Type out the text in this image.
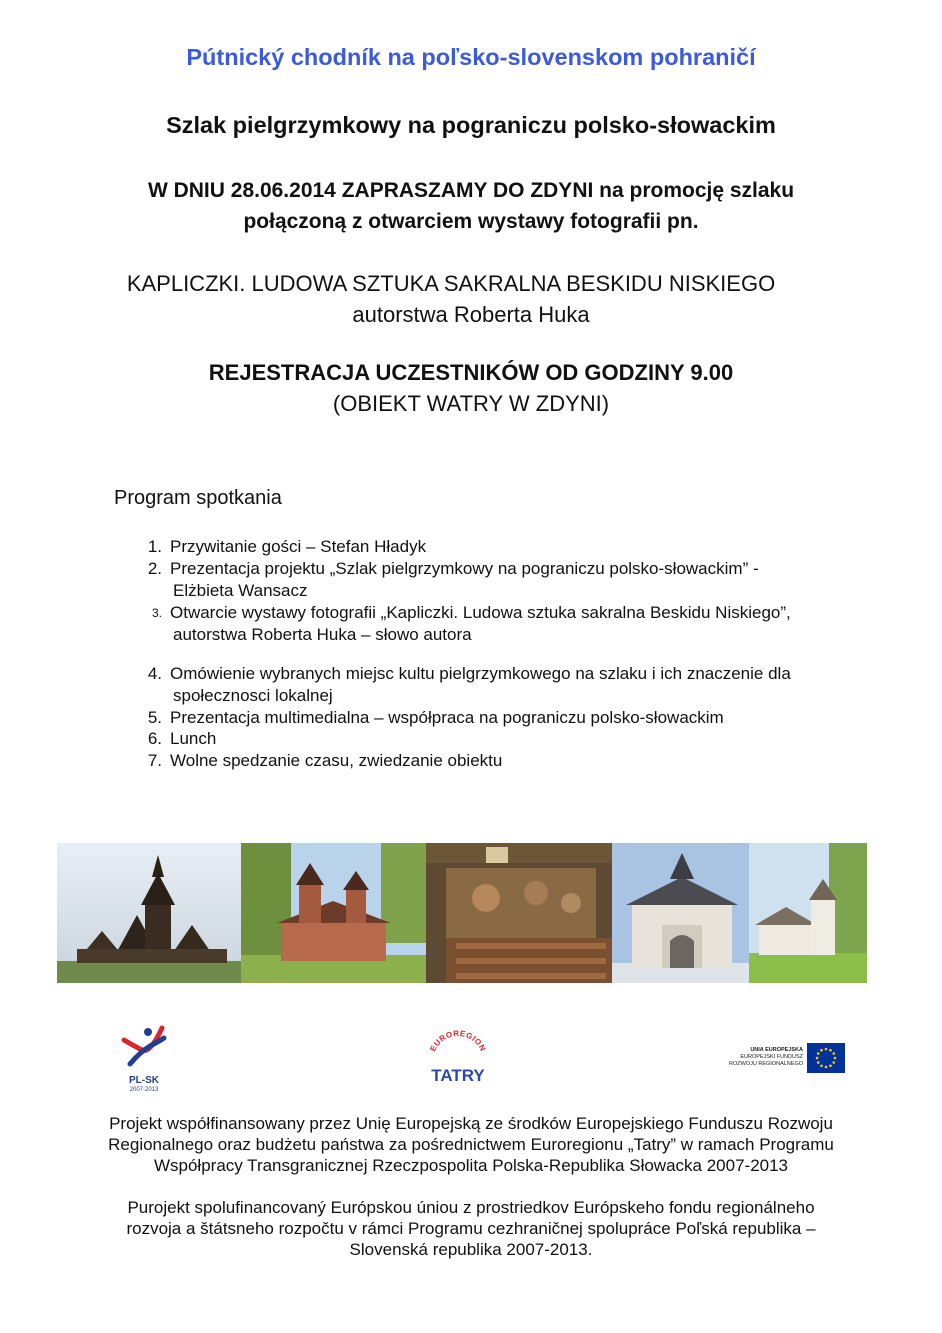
Pútnický chodník na poľsko-slovenskom pohraničí
Szlak pielgrzymkowy na pograniczu polsko-słowackim
W DNIU 28.06.2014 ZAPRASZAMY DO ZDYNI na promocję szlaku
połączoną z otwarciem wystawy fotografii pn.
KAPLICZKI. LUDOWA SZTUKA SAKRALNA BESKIDU NISKIEGO
autorstwa Roberta Huka
REJESTRACJA UCZESTNIKÓW OD GODZINY 9.00
(OBIEKT WATRY W ZDYNI)
Program spotkania
1. Przywitanie gości – Stefan Hładyk
2. Prezentacja projektu „Szlak pielgrzymkowy na pograniczu polsko-słowackim” -
Elżbieta Wansacz
3. Otwarcie wystawy fotografii „Kapliczki. Ludowa sztuka sakralna Beskidu Niskiego”,
autorstwa Roberta Huka – słowo autora
4. Omówienie wybranych miejsc kultu pielgrzymkowego na szlaku i ich znaczenie dla
społecznosci lokalnej
5. Prezentacja multimedialna – współpraca na pograniczu polsko-słowackim
6. Lunch
7. Wolne spedzanie czasu, zwiedzanie obiektu
PL-SK
2007-2013
EUROREGION
TATRY
UNIA EUROPEJSKA
EUROPEJSKI FUNDUSZ
ROZWOJU REGIONALNEGO
Projekt współfinansowany przez Unię Europejską ze środków Europejskiego Funduszu Rozwoju
Regionalnego oraz budżetu państwa za pośrednictwem Euroregionu „Tatry” w ramach Programu
Współpracy Transgranicznej Rzeczpospolita Polska-Republika Słowacka 2007-2013
Purojekt spolufinancovaný Európskou úniou z prostriedkov Európskeho fondu regionálneho
rozvoja a štátsneho rozpočtu v rámci Programu cezhraničnej spolupráce Poľská republika –
Slovenská republika 2007-2013.
